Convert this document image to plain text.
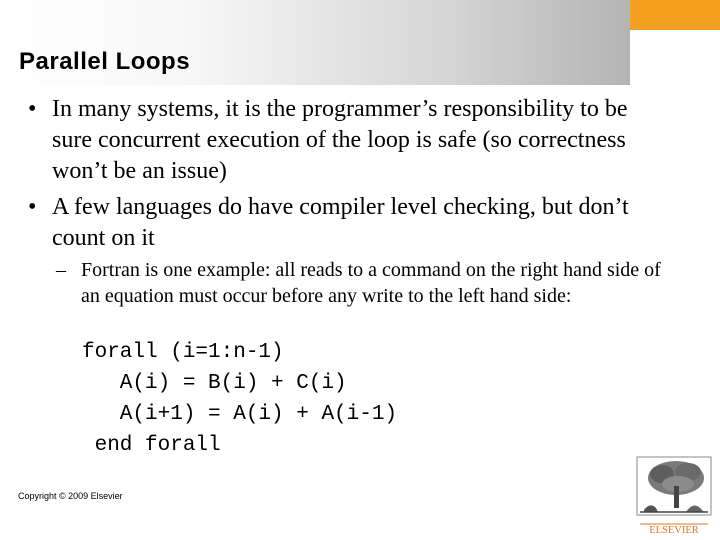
Parallel Loops
• In many systems, it is the programmer’s responsibility to be sure concurrent execution of the loop is safe (so correctness won’t be an issue)
• A few languages do have compiler level checking, but don’t count on it
– Fortran is one example: all reads to a command on the right hand side of an equation must occur before any write to the left hand side:
forall (i=1:n-1)
A(i) = B(i) + C(i)
A(i+1) = A(i) + A(i-1)
end forall
Copyright © 2009 Elsevier
ELSEVIER
